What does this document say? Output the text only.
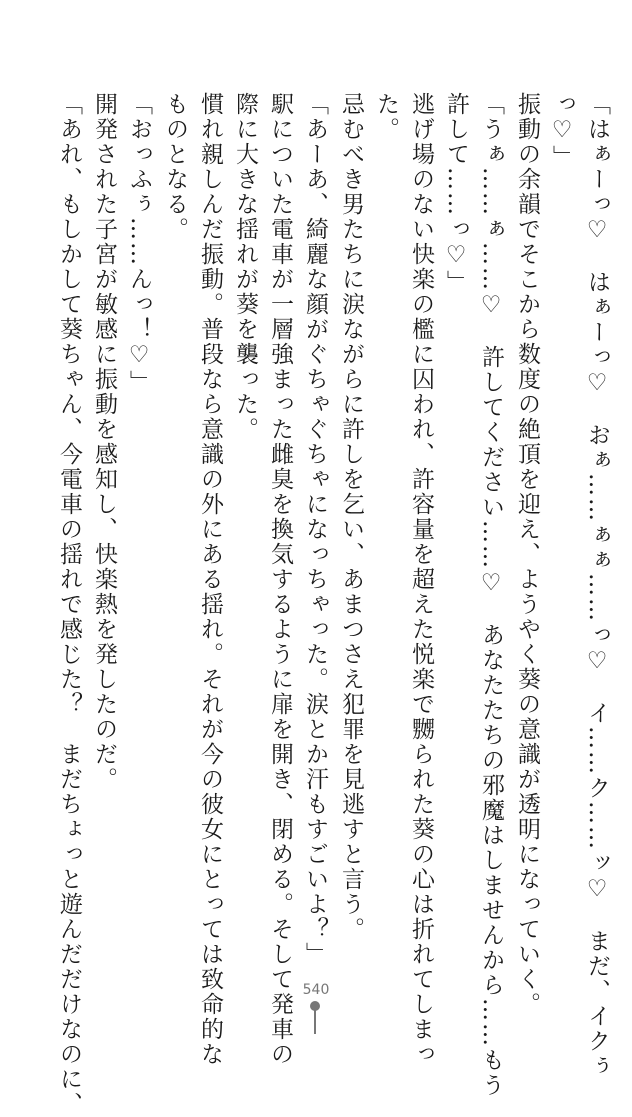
「はぁーっ♡　はぁーっ♡　おぁ……ぁぁ……っ♡　イ……ク……ッ♡　まだ、イクぅ
っ♡」
振動の余韻でそこから数度の絶頂を迎え、ようやく葵の意識が透明になっていく。
「うぁ……ぁ……♡　許してください……♡　あなたたちの邪魔はしませんから……もう
許して……っ♡」
逃げ場のない快楽の檻に囚われ、許容量を超えた悦楽で嬲られた葵の心は折れてしまっ
た。
忌むべき男たちに涙ながらに許しを乞い、あまつさえ犯罪を見逃すと言う。
「あーあ、綺麗な顔がぐちゃぐちゃになっちゃった。涙とか汗もすごいよ？」
駅についた電車が一層強まった雌臭を換気するように扉を開き、閉める。そして発車の
際に大きな揺れが葵を襲った。
慣れ親しんだ振動。普段なら意識の外にある揺れ。それが今の彼女にとっては致命的な
ものとなる。
「おっふぅ……んっ！♡」
開発された子宮が敏感に振動を感知し、快楽熱を発したのだ。
「あれ、もしかして葵ちゃん、今電車の揺れで感じた？　まだちょっと遊んだだけなのに、	540
